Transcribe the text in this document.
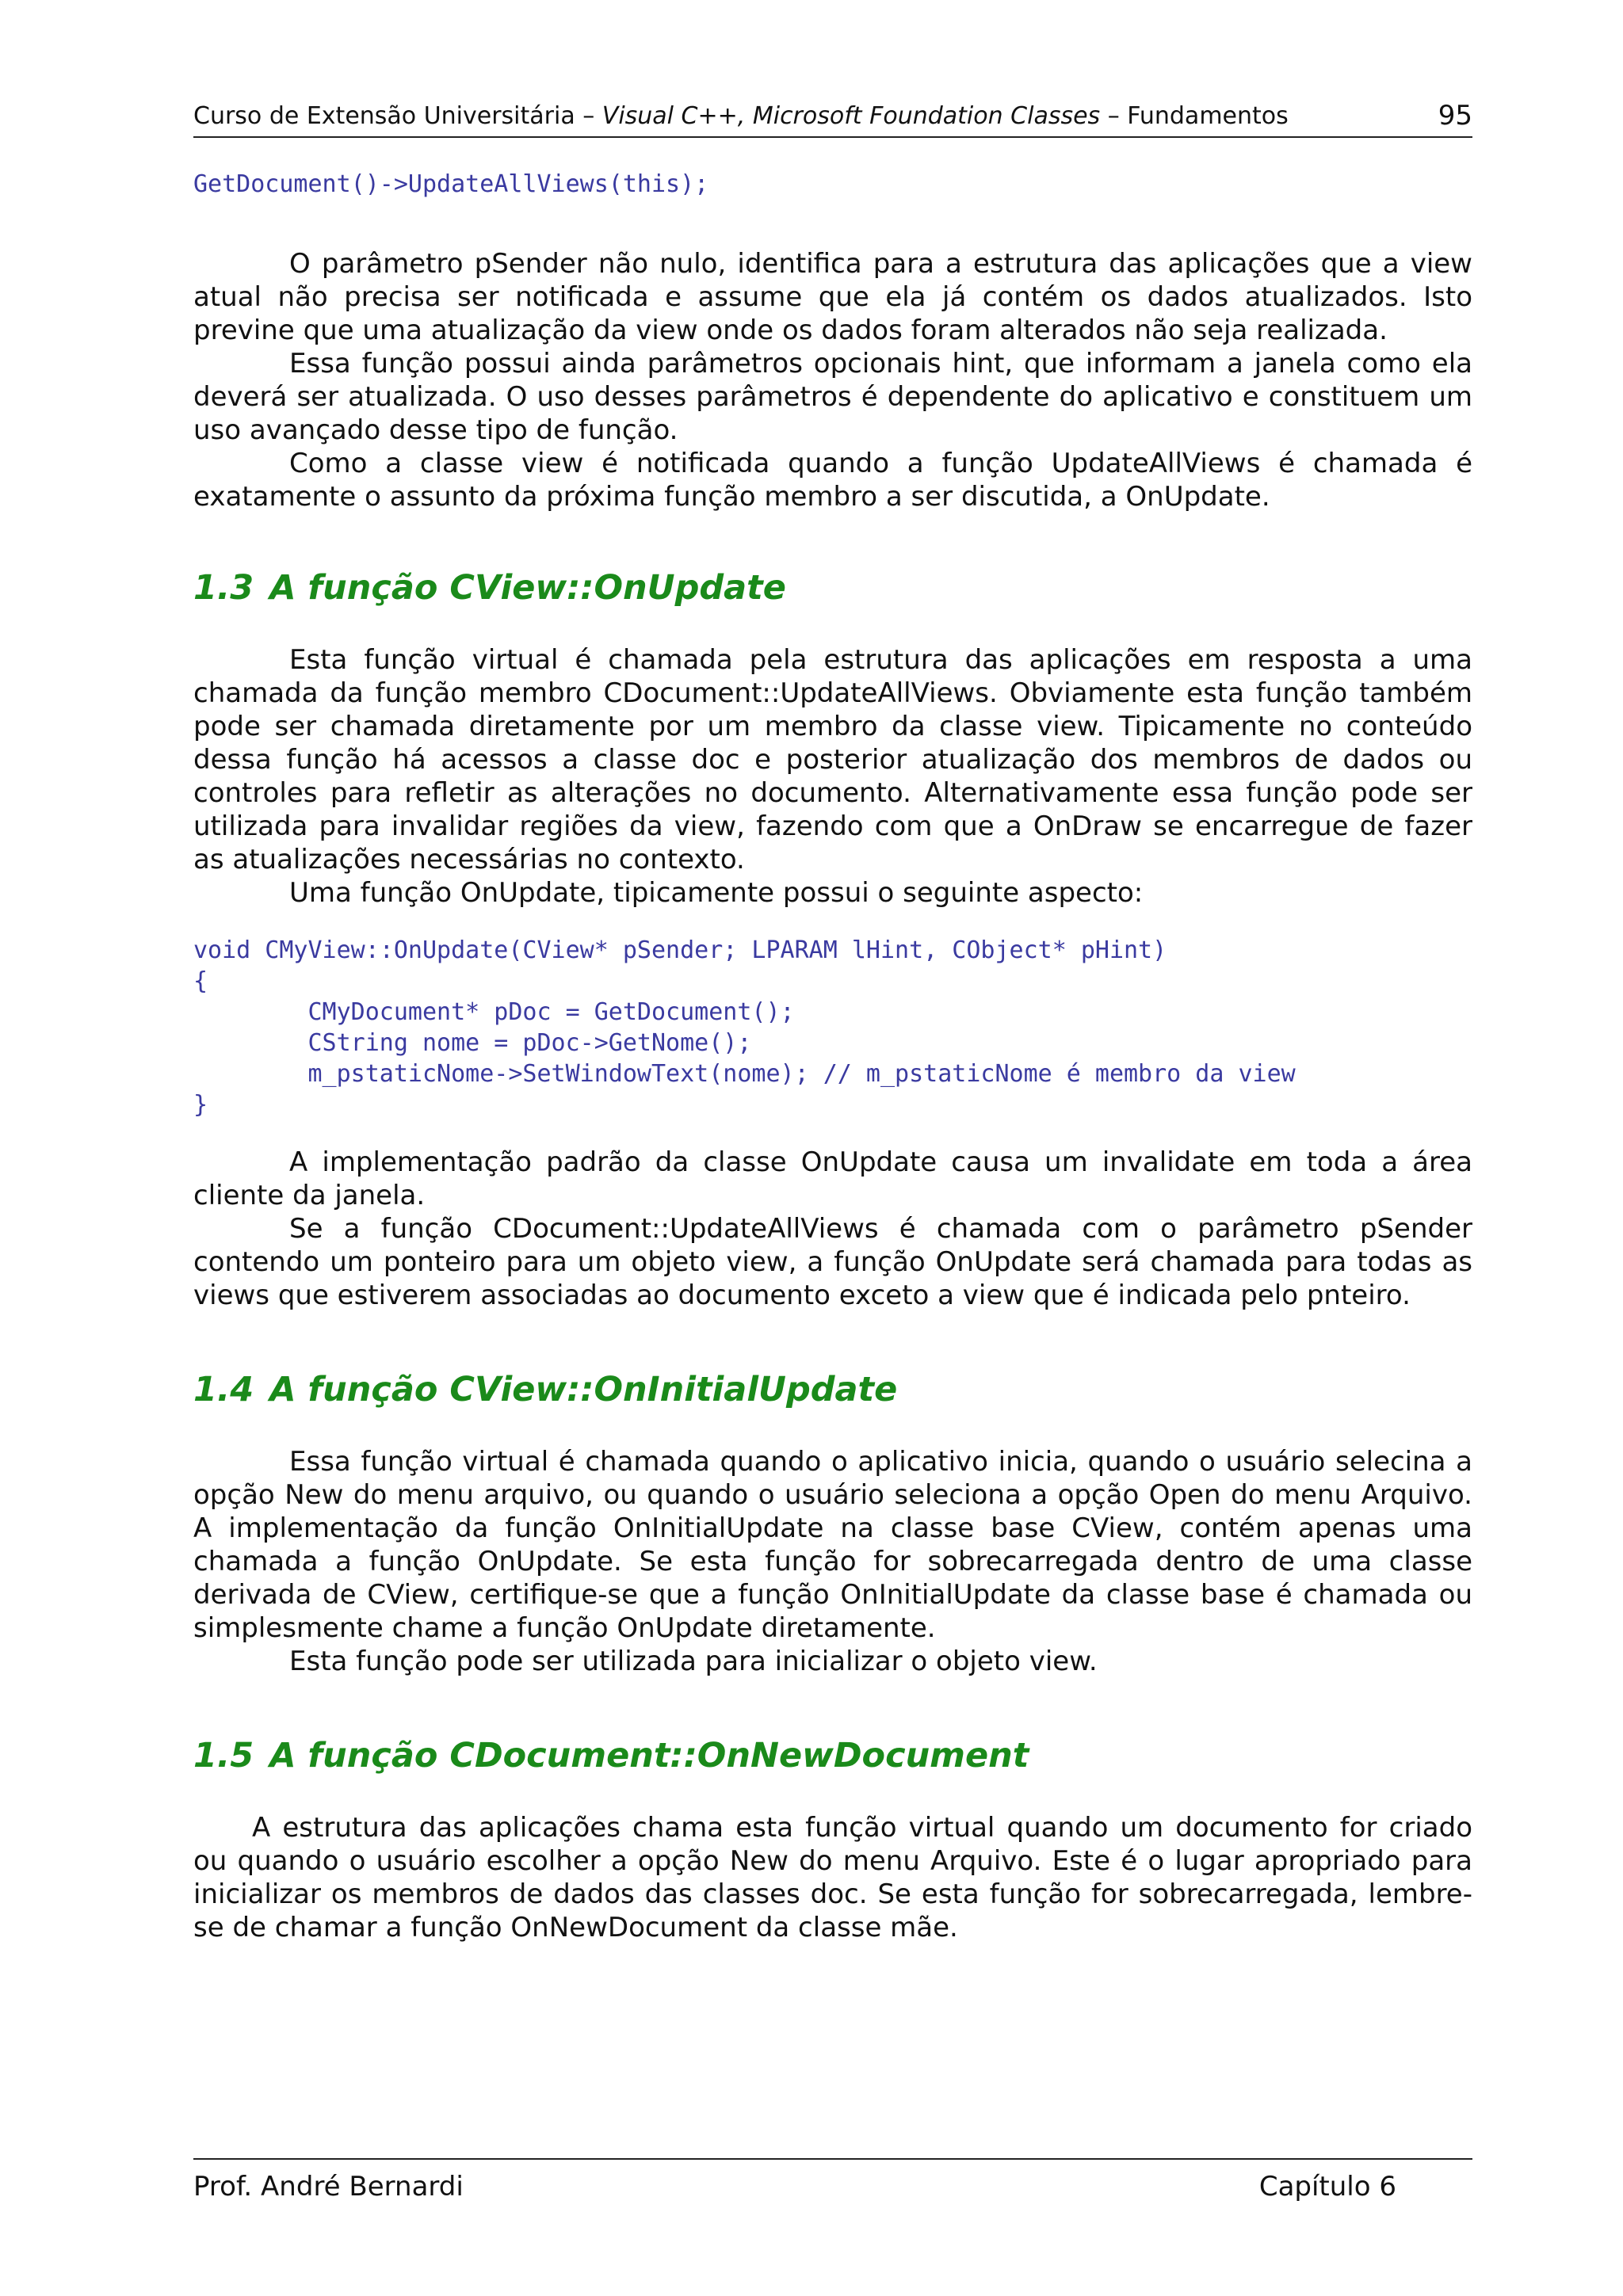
Curso de Extensão Universitária – Visual C++, Microsoft Foundation Classes – Fundamentos	95
GetDocument()->UpdateAllViews(this);

O parâmetro pSender não nulo, identifica para a estrutura das aplicações que a view atual não precisa ser notificada e assume que ela já contém os dados atualizados. Isto previne que uma atualização da view onde os dados foram alterados não seja realizada.

Essa função possui ainda parâmetros opcionais hint, que informam a janela como ela deverá ser atualizada. O uso desses parâmetros é dependente do aplicativo e constituem um uso avançado desse tipo de função.

Como a classe view é notificada quando a função UpdateAllViews é chamada é exatamente o assunto da próxima função membro a ser discutida, a OnUpdate.

1.3 A função CView::OnUpdate

Esta função virtual é chamada pela estrutura das aplicações em resposta a uma chamada da função membro CDocument::UpdateAllViews. Obviamente esta função também pode ser chamada diretamente por um membro da classe view. Tipicamente no conteúdo dessa função há acessos a classe doc e posterior atualização dos membros de dados ou controles para refletir as alterações no documento. Alternativamente essa função pode ser utilizada para invalidar regiões da view, fazendo com que a OnDraw se encarregue de fazer as atualizações necessárias no contexto.

Uma função OnUpdate, tipicamente possui o seguinte aspecto:

void CMyView::OnUpdate(CView* pSender; LPARAM lHint, CObject* pHint)
{
CMyDocument* pDoc = GetDocument();
CString nome = pDoc->GetNome();
m_pstaticNome->SetWindowText(nome); // m_pstaticNome é membro da view
}

A implementação padrão da classe OnUpdate causa um invalidate em toda a área cliente da janela.

Se a função CDocument::UpdateAllViews é chamada com o parâmetro pSender contendo um ponteiro para um objeto view, a função OnUpdate será chamada para todas as views que estiverem associadas ao documento exceto a view que é indicada pelo pnteiro.

1.4 A função CView::OnInitialUpdate

Essa função virtual é chamada quando o aplicativo inicia, quando o usuário selecina a opção New do menu arquivo, ou quando o usuário seleciona a opção Open do menu Arquivo. A implementação da função OnInitialUpdate na classe base CView, contém apenas uma chamada a função OnUpdate. Se esta função for sobrecarregada dentro de uma classe derivada de CView, certifique-se que a função OnInitialUpdate da classe base é chamada ou simplesmente chame a função OnUpdate diretamente.

Esta função pode ser utilizada para inicializar o objeto view.

1.5 A função CDocument::OnNewDocument

A estrutura das aplicações chama esta função virtual quando um documento for criado ou quando o usuário escolher a opção New do menu Arquivo. Este é o lugar apropriado para inicializar os membros de dados das classes doc. Se esta função for sobrecarregada, lembre-se de chamar a função OnNewDocument da classe mãe.

Prof. André Bernardi	Capítulo 6
